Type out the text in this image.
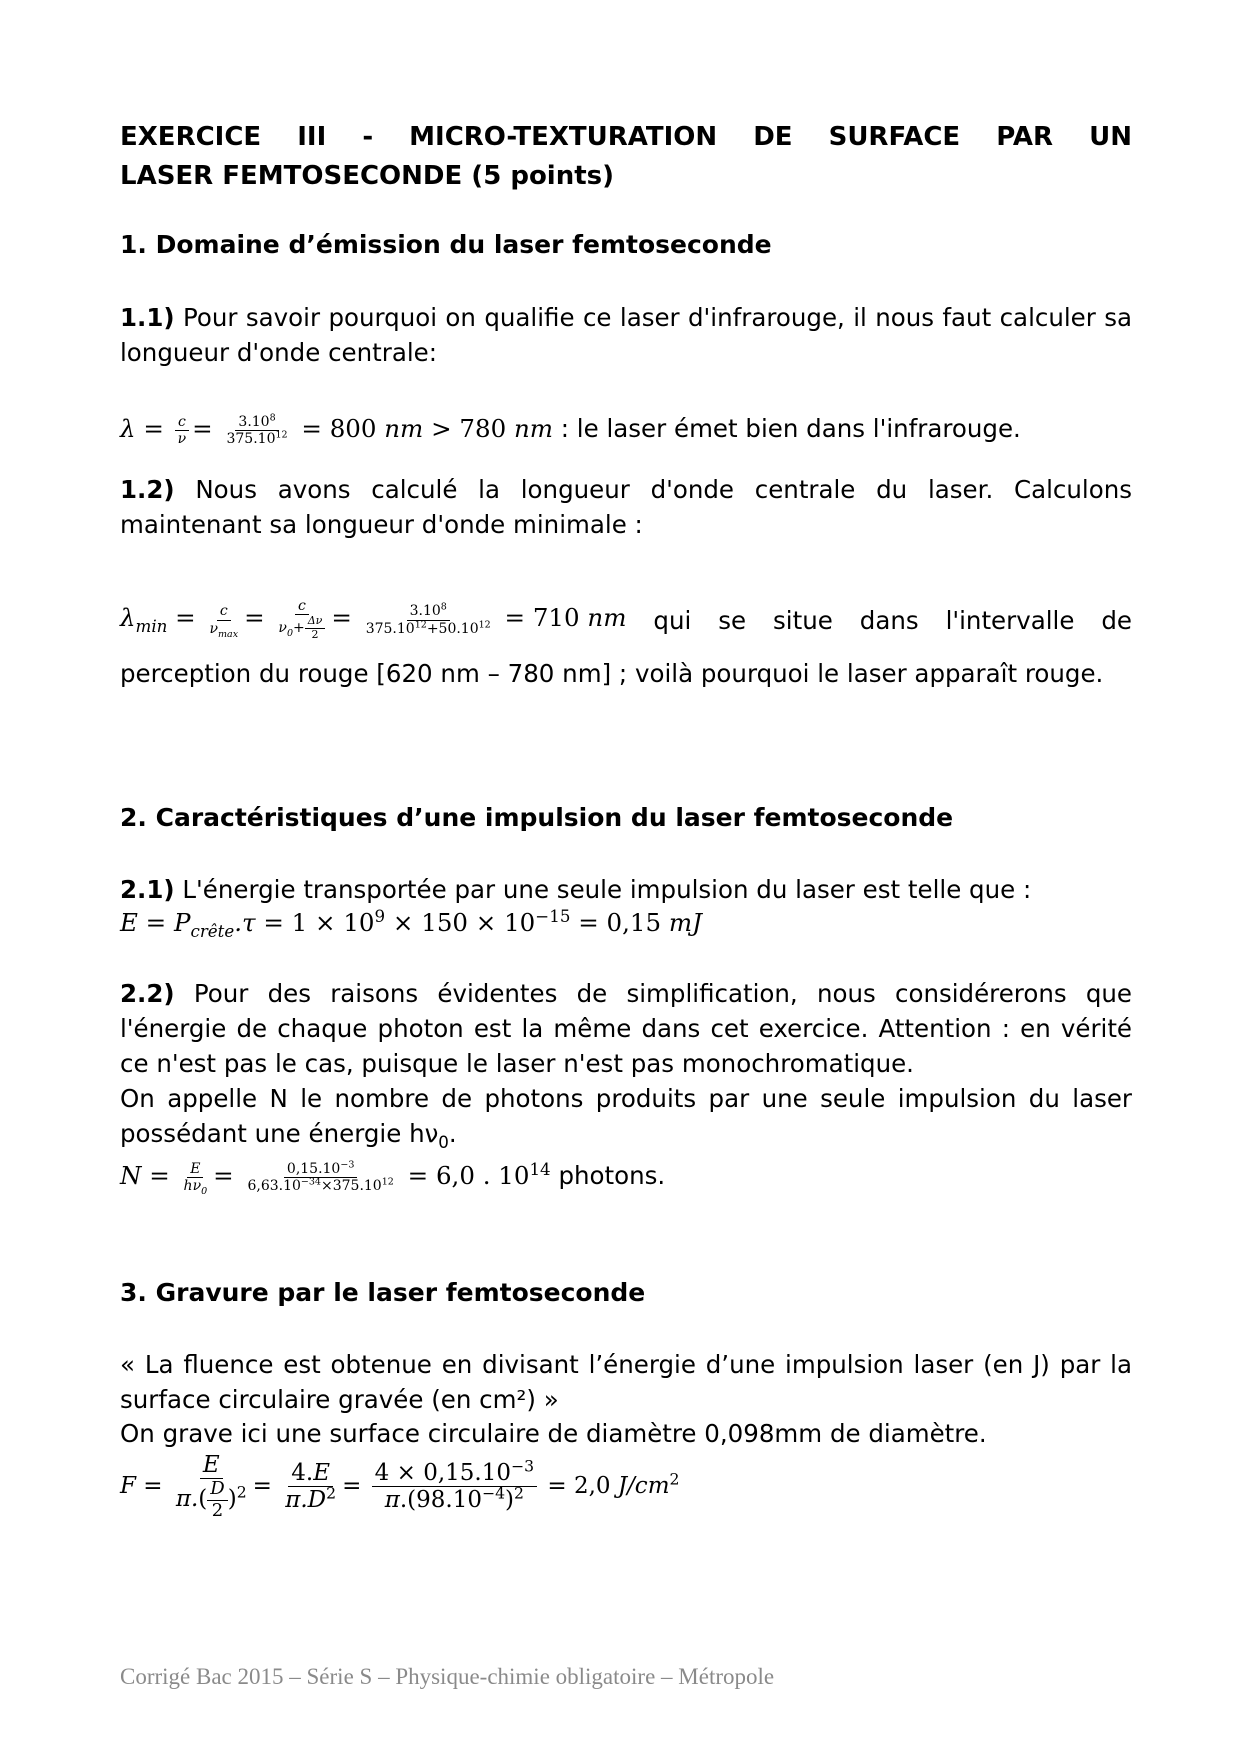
EXERCICE III - MICRO-TEXTURATION DE SURFACE PAR UN
LASER FEMTOSECONDE (5 points)
1. Domaine d’émission du laser femtoseconde
1.1) Pour savoir pourquoi on qualifie ce laser d'infrarouge, il nous faut calculer sa longueur d'onde centrale:
$\lambda = \frac{c}{\nu} = \frac{3.10^8}{375.10^{12}} = 800$ nm > 780 nm : le laser émet bien dans l'infrarouge.
1.2) Nous avons calculé la longueur d'onde centrale du laser. Calculons maintenant sa longueur d'onde minimale :
$\lambda_{min} = \frac{c}{\nu_{max}} = \frac{c}{\nu_0+ \frac{\Delta\nu}{2}} = \frac{3.10^8}{375.10^{12}+50.10^{12}} = 710$ nm qui se situe dans l'intervalle de
perception du rouge [620 nm – 780 nm] ; voilà pourquoi le laser apparaît rouge.
2. Caractéristiques d’une impulsion du laser femtoseconde
2.1) L'énergie transportée par une seule impulsion du laser est telle que :
$E = P_{crête}.\tau = 1 \times 10^9 \times 150 \times 10^{-15} = 0,15$ mJ
2.2) Pour des raisons évidentes de simplification, nous considérerons que l'énergie de chaque photon est la même dans cet exercice. Attention : en vérité ce n'est pas le cas, puisque le laser n'est pas monochromatique.
On appelle N le nombre de photons produits par une seule impulsion du laser possédant une énergie $h\nu_0$.
$N = \frac{E}{h\nu_0} = \frac{0,15.10^{-3}}{6,63.10^{-34}\times 375.10^{12}} = 6,0$ . $10^{14}$ photons.
3. Gravure par le laser femtoseconde
« La fluence est obtenue en divisant l’énergie d’une impulsion laser (en J) par la surface circulaire gravée (en cm²) »
On grave ici une surface circulaire de diamètre 0,098mm de diamètre.
$F = \frac{E}{\pi.( \frac{D}{2} )^2} = \frac{4.E}{\pi.D^2} = \frac{4 \times 0,15.10^{-3}}{\pi.(98.10^{-4})^2} = 2,0$ $J/cm^2$
Corrigé Bac 2015 – Série S – Physique-chimie obligatoire – Métropole
